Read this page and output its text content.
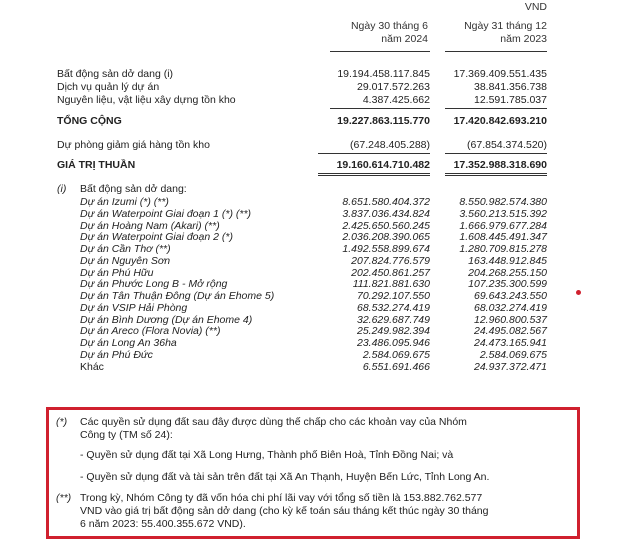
VND
Ngày 30 tháng 6
năm 2024
Ngày 31 tháng 12
năm 2023
Bất động sản dở dang (i)	19.194.458.117.845	17.369.409.551.435
Dịch vụ quản lý dự án	29.017.572.263	38.841.356.738
Nguyên liệu, vật liệu xây dựng tồn kho	4.387.425.662	12.591.785.037
TỔNG CỘNG	19.227.863.115.770	17.420.842.693.210
Dự phòng giảm giá hàng tồn kho	(67.248.405.288)	(67.854.374.520)
GIÁ TRỊ THUẦN	19.160.614.710.482	17.352.988.318.690
(i) Bất động sản dở dang:
Dự án Izumi (*) (**)	8.651.580.404.372	8.550.982.574.380
Dự án Waterpoint Giai đoạn 1 (*) (**)	3.837.036.434.824	3.560.213.515.392
Dự án Hoàng Nam (Akari) (**)	2.425.650.560.245	1.666.979.677.284
Dự án Waterpoint Giai đoạn 2 (*)	2.036.208.390.065	1.608.445.491.347
Dự án Cần Thơ (**)	1.492.558.899.674	1.280.709.815.278
Dự án Nguyên Sơn	207.824.776.579	163.448.912.845
Dự án Phú Hữu	202.450.861.257	204.268.255.150
Dự án Phước Long B - Mở rộng	111.821.881.630	107.235.300.599
Dự án Tân Thuận Đông (Dự án Ehome 5)	70.292.107.550	69.643.243.550
Dự án VSIP Hải Phòng	68.532.274.419	68.032.274.419
Dự án Bình Dương (Dự án Ehome 4)	32.629.687.749	12.960.800.537
Dự án Areco (Flora Novia) (**)	25.249.982.394	24.495.082.567
Dự án Long An 36ha	23.486.095.946	24.473.165.941
Dự án Phú Đức	2.584.069.675	2.584.069.675
Khác	6.551.691.466	24.937.372.471
(*) Các quyền sử dụng đất sau đây được dùng thế chấp cho các khoản vay của Nhóm
Công ty (TM số 24):
- Quyền sử dụng đất tại Xã Long Hưng, Thành phố Biên Hoà, Tỉnh Đồng Nai; và
- Quyền sử dụng đất và tài sản trên đất tại Xã An Thạnh, Huyện Bến Lức, Tỉnh Long An.
(**) Trong kỳ, Nhóm Công ty đã vốn hóa chi phí lãi vay với tổng số tiền là 153.882.762.577
VND vào giá trị bất động sản dở dang (cho kỳ kế toán sáu tháng kết thúc ngày 30 tháng
6 năm 2023: 55.400.355.672 VND).
